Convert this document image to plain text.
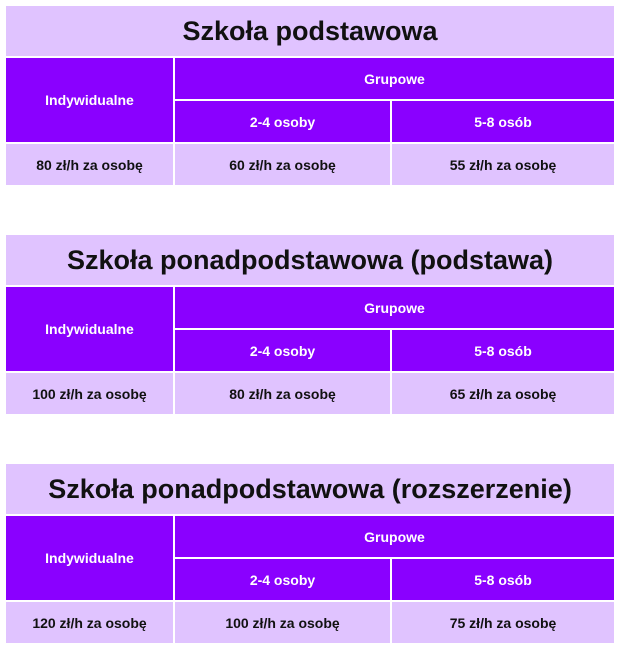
Szkoła podstawowa		
Indywidualne	Grupowe	
	2-4 osoby	5-8 osób
80 zł/h za osobę	60 zł/h za osobę	55 zł/h za osobę
Szkoła ponadpodstawowa (podstawa)		
Indywidualne	Grupowe	
	2-4 osoby	5-8 osób
100 zł/h za osobę	80 zł/h za osobę	65 zł/h za osobę
Szkoła ponadpodstawowa (rozszerzenie)		
Indywidualne	Grupowe	
	2-4 osoby	5-8 osób
120 zł/h za osobę	100 zł/h za osobę	75 zł/h za osobę
